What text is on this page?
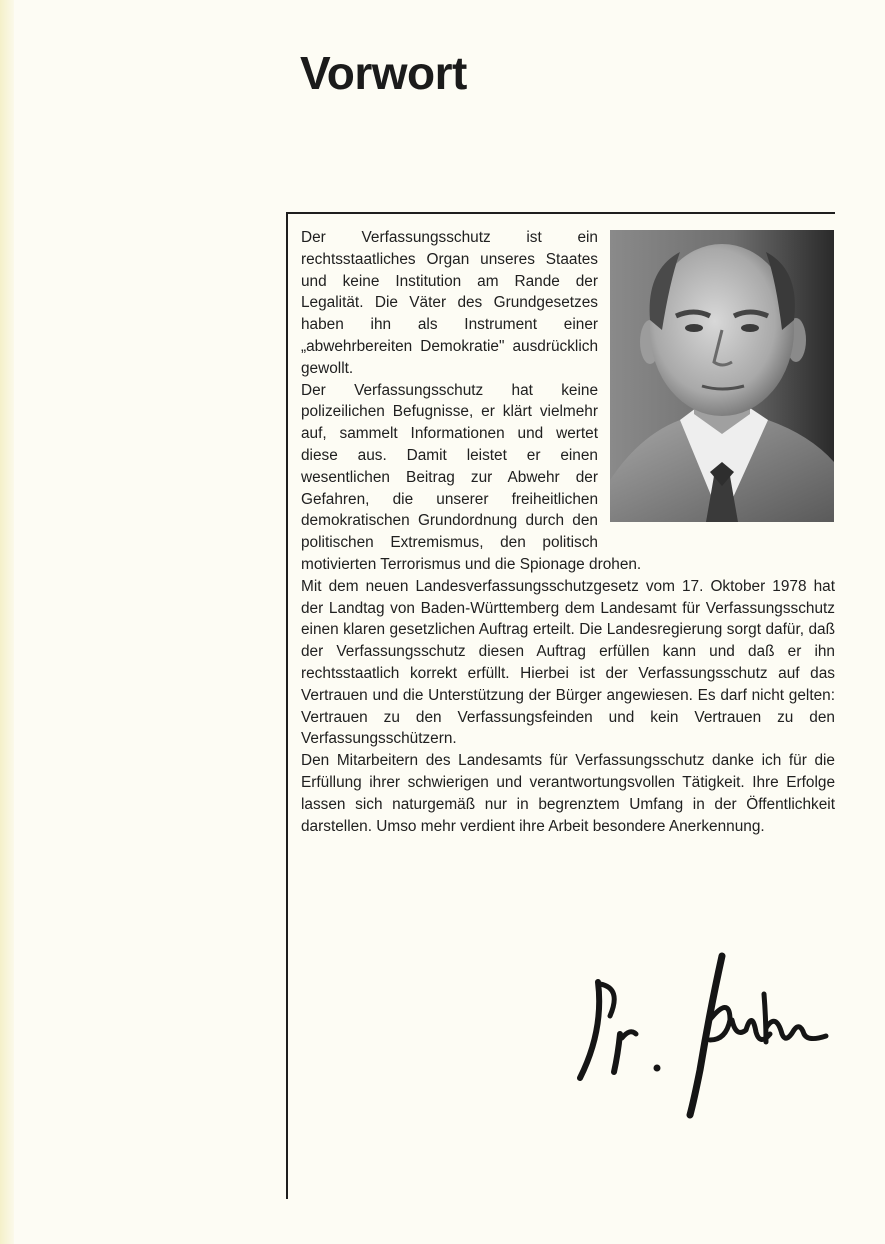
Vorwort

Der Verfassungsschutz ist ein rechtsstaatliches Organ unseres Staates und keine Institution am Rande der Legalität. Die Väter des Grundgesetzes haben ihn als Instrument einer „abwehrbereiten Demokratie" ausdrücklich gewollt.

Der Verfassungsschutz hat keine polizeilichen Befugnisse, er klärt vielmehr auf, sammelt Informationen und wertet diese aus. Damit leistet er einen wesentlichen Beitrag zur Abwehr der Gefahren, die unserer freiheitlichen demokratischen Grundordnung durch den politischen Extremismus, den politisch motivierten Terrorismus und die Spionage drohen.

Mit dem neuen Landesverfassungsschutzgesetz vom 17. Oktober 1978 hat der Landtag von Baden-Württemberg dem Landesamt für Verfassungsschutz einen klaren gesetzlichen Auftrag erteilt. Die Landesregierung sorgt dafür, daß der Verfassungsschutz diesen Auftrag erfüllen kann und daß er ihn rechtsstaatlich korrekt erfüllt. Hierbei ist der Verfassungsschutz auf das Vertrauen und die Unterstützung der Bürger angewiesen. Es darf nicht gelten: Vertrauen zu den Verfassungsfeinden und kein Vertrauen zu den Verfassungsschützern.

Den Mitarbeitern des Landesamts für Verfassungsschutz danke ich für die Erfüllung ihrer schwierigen und verantwortungsvollen Tätigkeit. Ihre Erfolge lassen sich naturgemäß nur in begrenztem Umfang in der Öffentlichkeit darstellen. Umso mehr verdient ihre Arbeit besondere Anerkennung.
